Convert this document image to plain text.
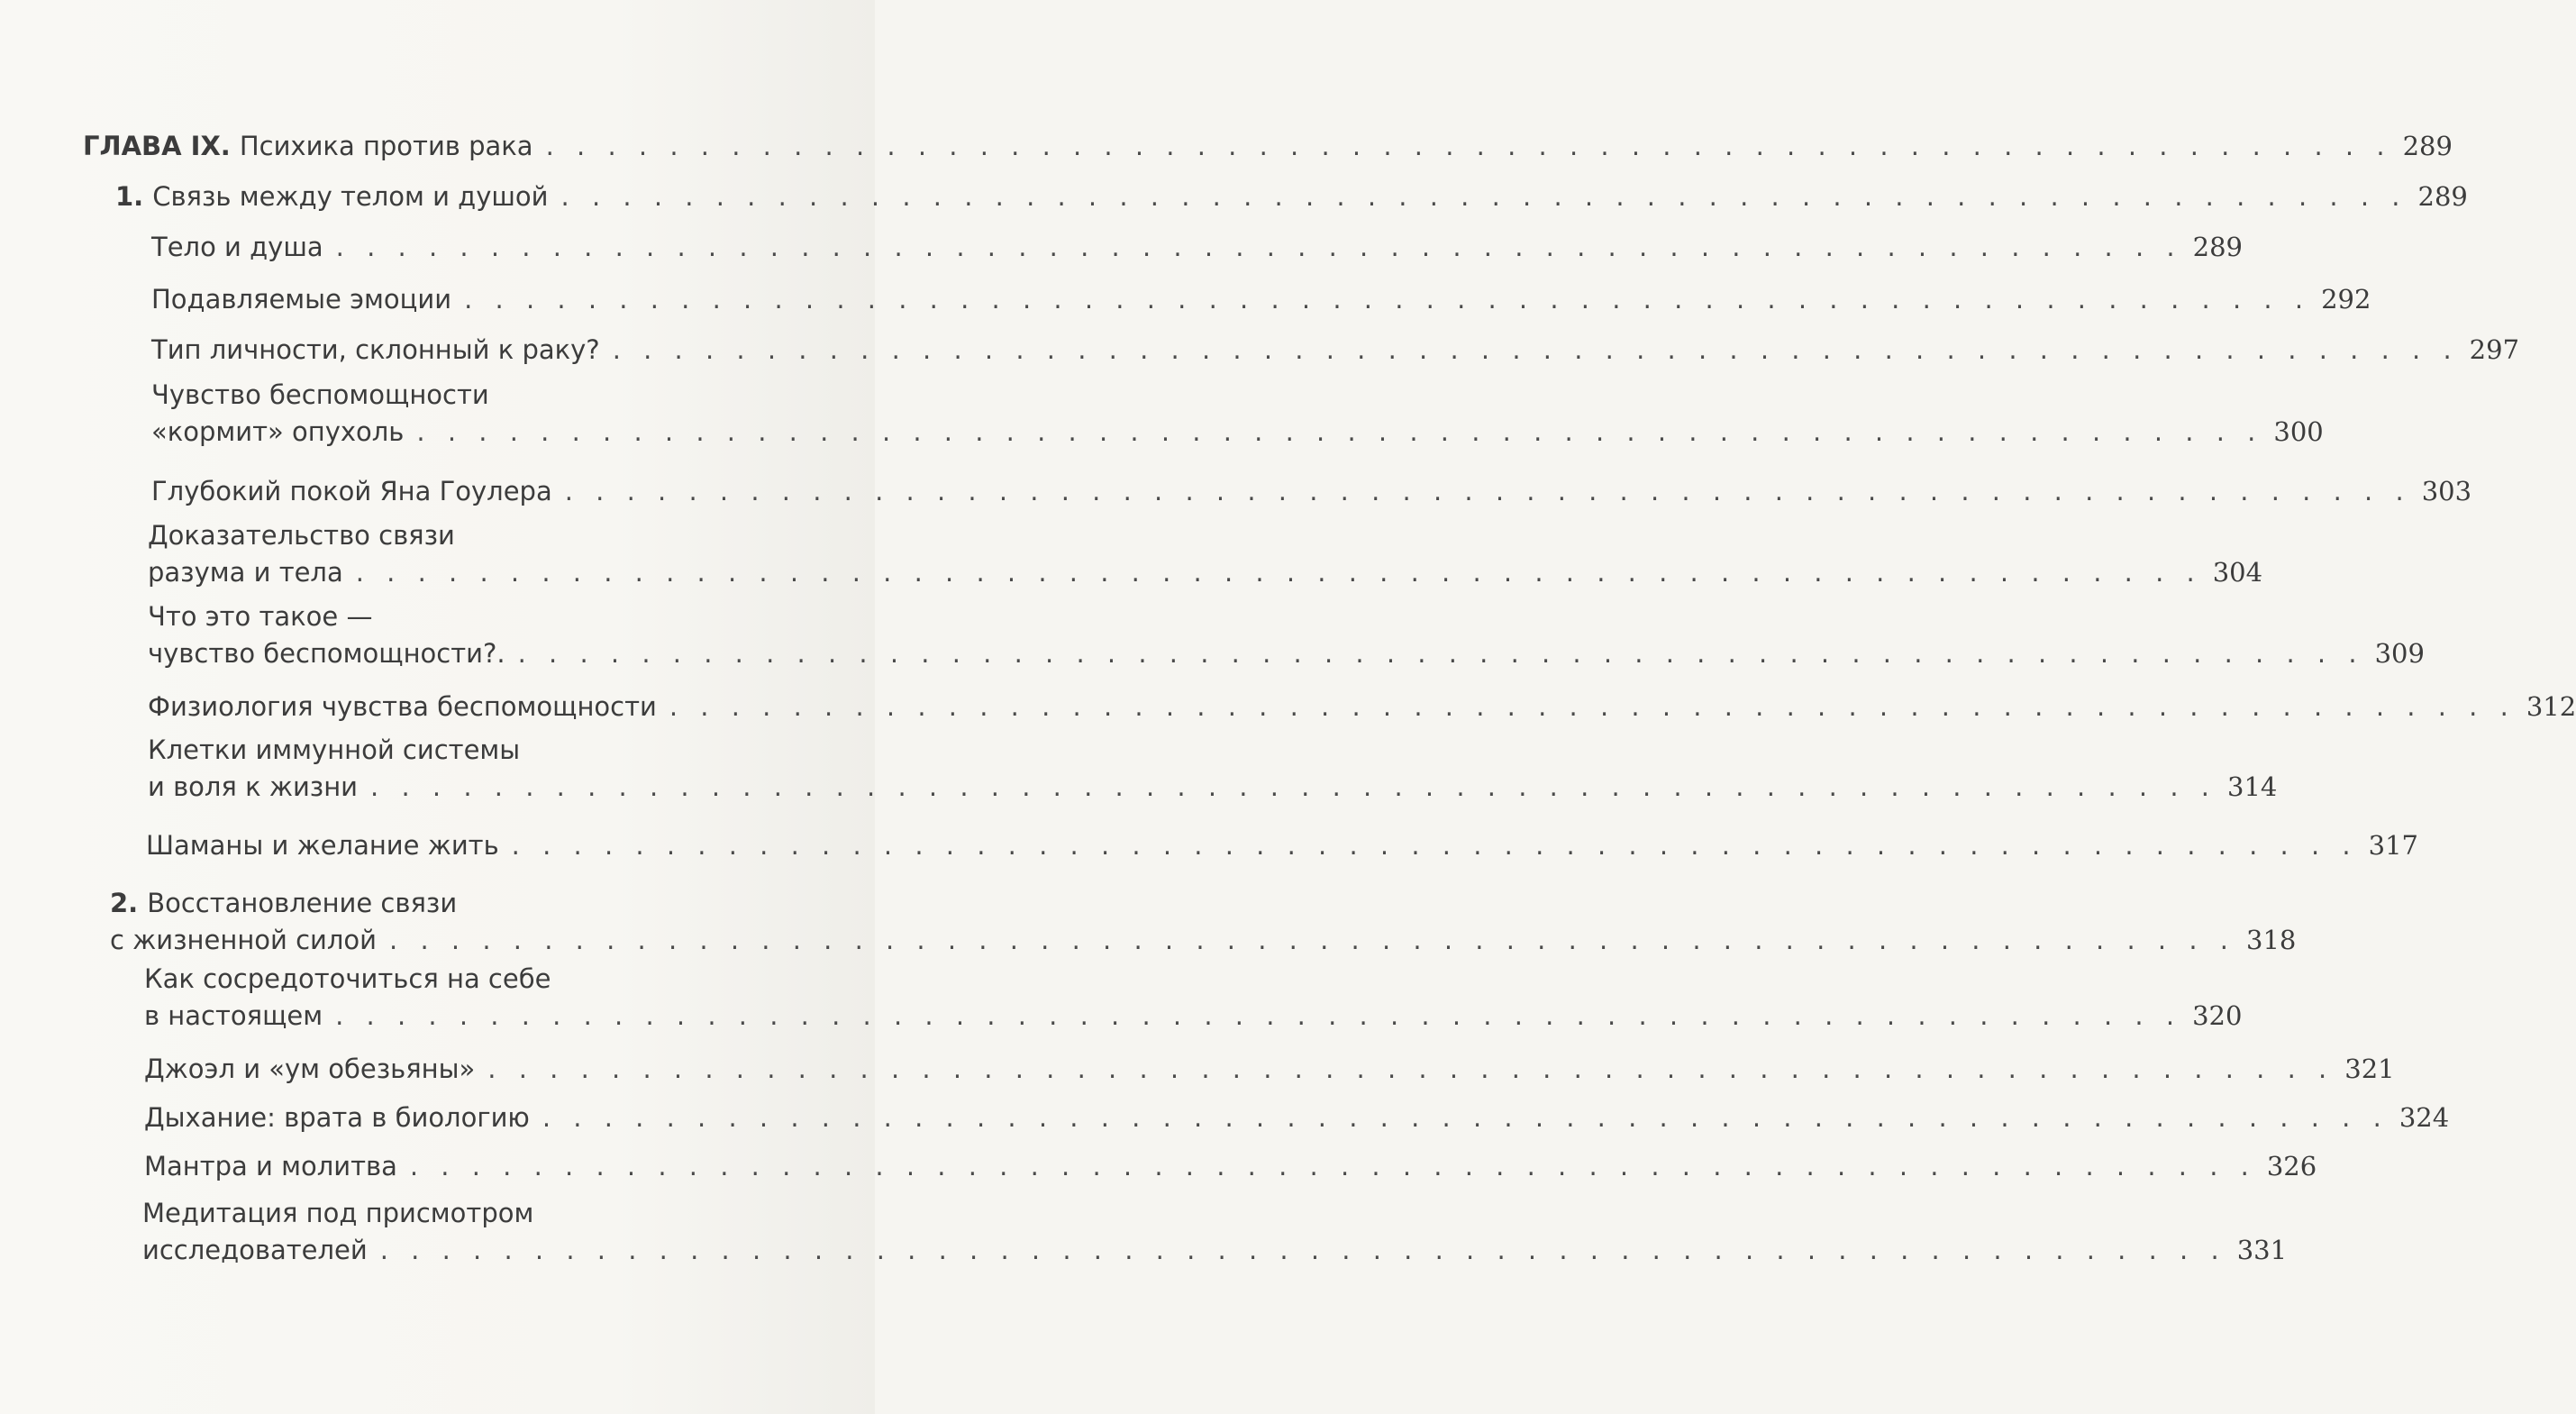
ГЛАВА IX. Психика против рака . . . . . . . . . . . . . . . . . . . . . . . . . . . . . . . . . . . . . . . . . . . . . . . . . . . . . . . . . . . . 289
1. Связь между телом и душой . . . . . . . . . . . . . . . . . . . . . . . . . . . . . . . . . . . . . . . . . . . . . . . . . . . . . . . . . . . . 289
Тело и душа . . . . . . . . . . . . . . . . . . . . . . . . . . . . . . . . . . . . . . . . . . . . . . . . . . . . . . . . . . . . 289
Подавляемые эмоции . . . . . . . . . . . . . . . . . . . . . . . . . . . . . . . . . . . . . . . . . . . . . . . . . . . . . . . . . . . . 292
Тип личности, склонный к раку? . . . . . . . . . . . . . . . . . . . . . . . . . . . . . . . . . . . . . . . . . . . . . . . . . . . . . . . . . . . . 297
Чувство беспомощности
«кормит» опухоль . . . . . . . . . . . . . . . . . . . . . . . . . . . . . . . . . . . . . . . . . . . . . . . . . . . . . . . . . . . . 300
Глубокий покой Яна Гоулера . . . . . . . . . . . . . . . . . . . . . . . . . . . . . . . . . . . . . . . . . . . . . . . . . . . . . . . . . . . . 303
Доказательство связи
разума и тела . . . . . . . . . . . . . . . . . . . . . . . . . . . . . . . . . . . . . . . . . . . . . . . . . . . . . . . . . . . . 304
Что это такое —
чувство беспомощности?. . . . . . . . . . . . . . . . . . . . . . . . . . . . . . . . . . . . . . . . . . . . . . . . . . . . . . . . . . . . . 309
Физиология чувства беспомощности . . . . . . . . . . . . . . . . . . . . . . . . . . . . . . . . . . . . . . . . . . . . . . . . . . . . . . . . . . . . 312
Клетки иммунной системы
и воля к жизни . . . . . . . . . . . . . . . . . . . . . . . . . . . . . . . . . . . . . . . . . . . . . . . . . . . . . . . . . . . . 314
Шаманы и желание жить . . . . . . . . . . . . . . . . . . . . . . . . . . . . . . . . . . . . . . . . . . . . . . . . . . . . . . . . . . . . 317
2. Восстановление связи
с жизненной силой . . . . . . . . . . . . . . . . . . . . . . . . . . . . . . . . . . . . . . . . . . . . . . . . . . . . . . . . . . . . 318
Как сосредоточиться на себе
в настоящем . . . . . . . . . . . . . . . . . . . . . . . . . . . . . . . . . . . . . . . . . . . . . . . . . . . . . . . . . . . . 320
Джоэл и «ум обезьяны» . . . . . . . . . . . . . . . . . . . . . . . . . . . . . . . . . . . . . . . . . . . . . . . . . . . . . . . . . . . . 321
Дыхание: врата в биологию . . . . . . . . . . . . . . . . . . . . . . . . . . . . . . . . . . . . . . . . . . . . . . . . . . . . . . . . . . . . 324
Мантра и молитва . . . . . . . . . . . . . . . . . . . . . . . . . . . . . . . . . . . . . . . . . . . . . . . . . . . . . . . . . . . . 326
Медитация под присмотром
исследователей . . . . . . . . . . . . . . . . . . . . . . . . . . . . . . . . . . . . . . . . . . . . . . . . . . . . . . . . . . . . 331
